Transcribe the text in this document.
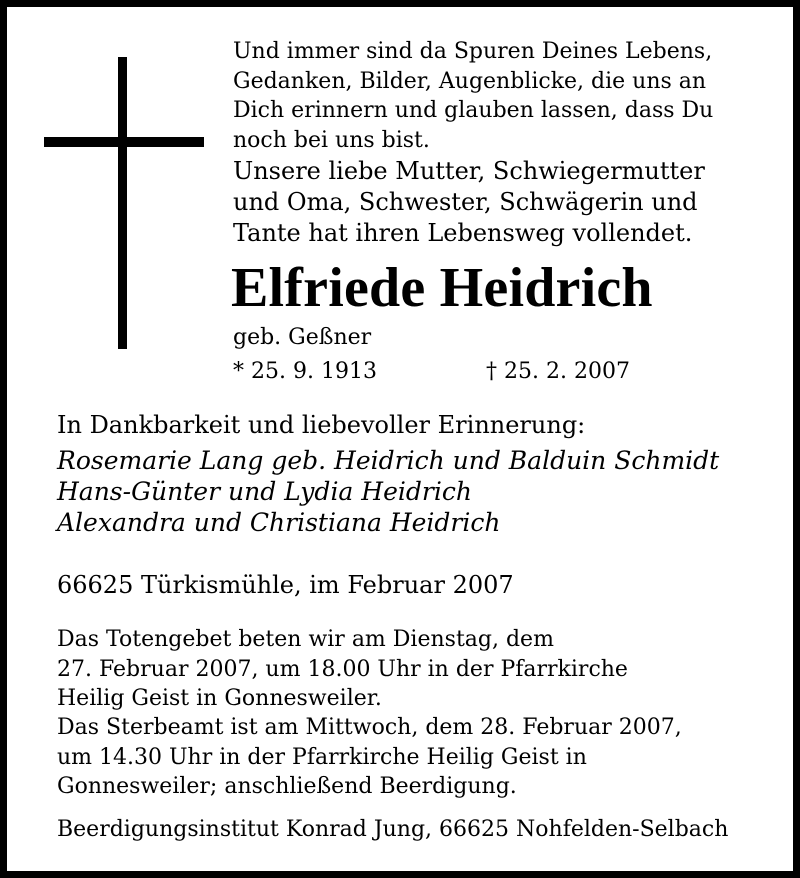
Und immer sind da Spuren Deines Lebens,
Gedanken, Bilder, Augenblicke, die uns an
Dich erinnern und glauben lassen, dass Du
noch bei uns bist.
Unsere liebe Mutter, Schwiegermutter
und Oma, Schwester, Schwägerin und
Tante hat ihren Lebensweg vollendet.
Elfriede Heidrich
geb. Geßner
* 25. 9. 1913	† 25. 2. 2007
In Dankbarkeit und liebevoller Erinnerung:
Rosemarie Lang geb. Heidrich und Balduin Schmidt
Hans-Günter und Lydia Heidrich
Alexandra und Christiana Heidrich
66625 Türkismühle, im Februar 2007
Das Totengebet beten wir am Dienstag, dem
27. Februar 2007, um 18.00 Uhr in der Pfarrkirche
Heilig Geist in Gonnesweiler.
Das Sterbeamt ist am Mittwoch, dem 28. Februar 2007,
um 14.30 Uhr in der Pfarrkirche Heilig Geist in
Gonnesweiler; anschließend Beerdigung.
Beerdigungsinstitut Konrad Jung, 66625 Nohfelden-Selbach
